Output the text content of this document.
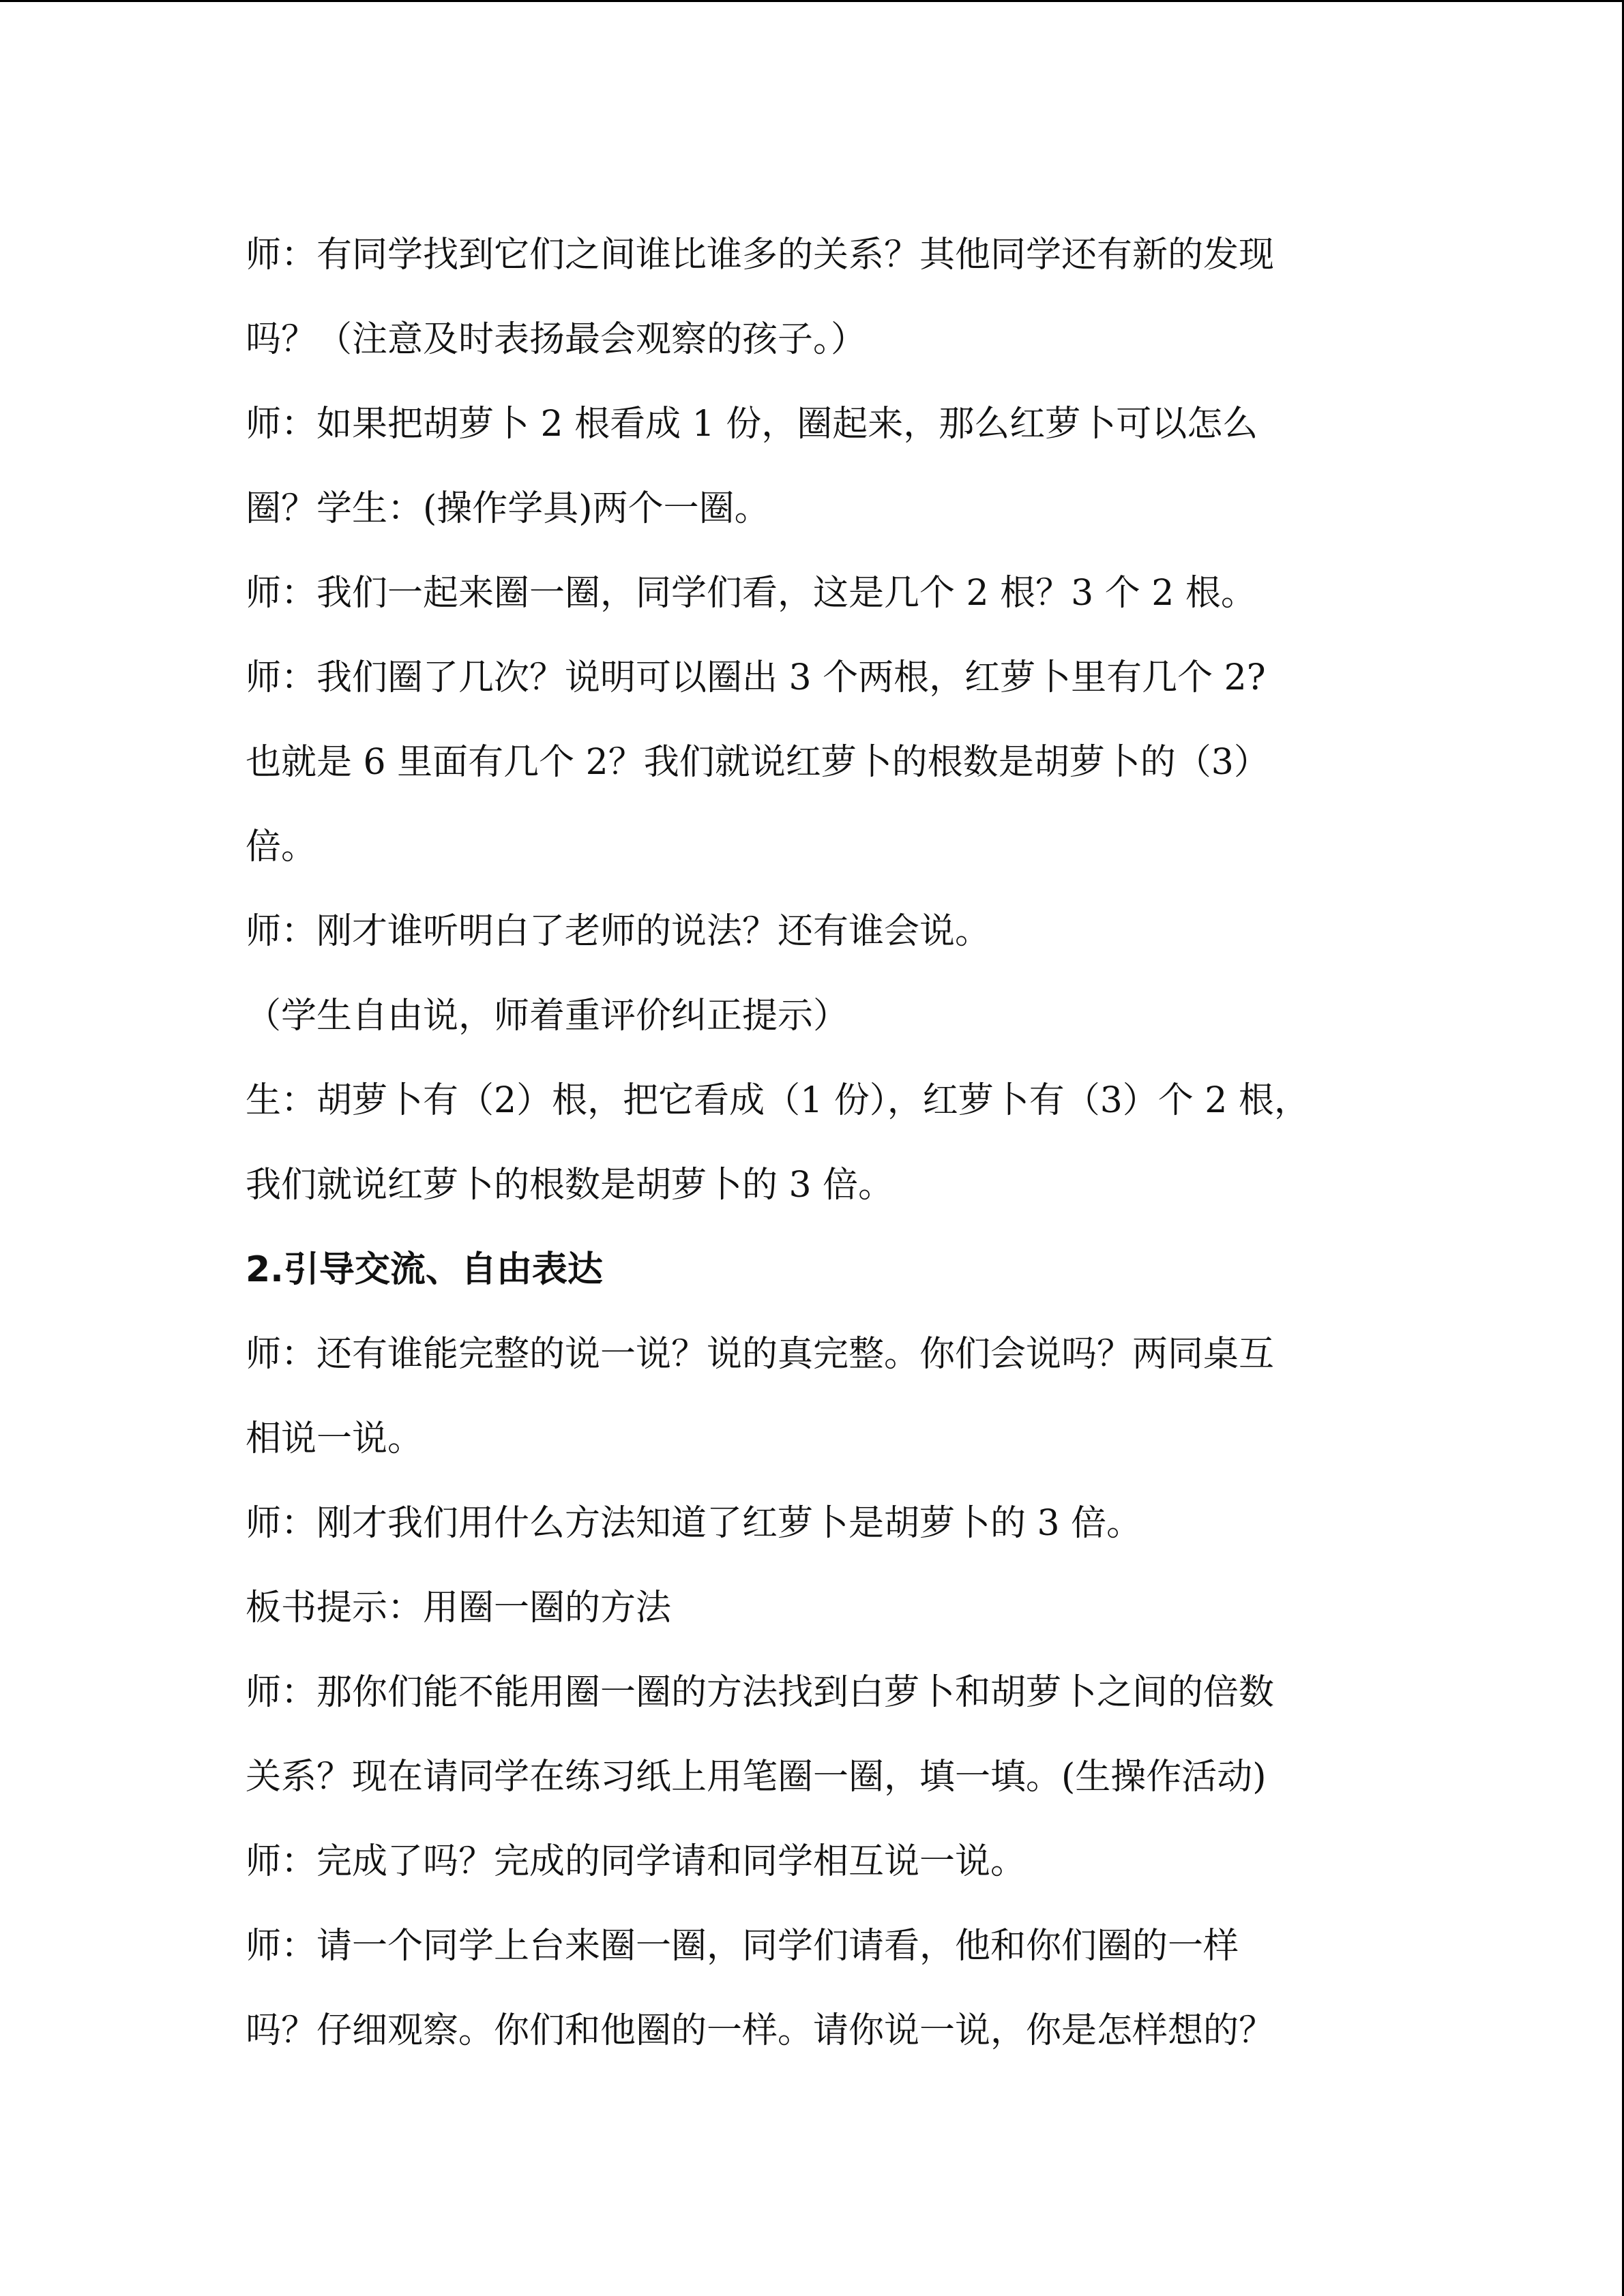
师：有同学找到它们之间谁比谁多的关系？其他同学还有新的发现
吗？（注意及时表扬最会观察的孩子。）
师：如果把胡萝卜 2 根看成 1 份，圈起来，那么红萝卜可以怎么
圈？学生：(操作学具)两个一圈。
师：我们一起来圈一圈，同学们看，这是几个 2 根？3 个 2 根。
师：我们圈了几次？说明可以圈出 3 个两根，红萝卜里有几个 2?
也就是 6 里面有几个 2？我们就说红萝卜的根数是胡萝卜的（3）
倍。
师：刚才谁听明白了老师的说法？还有谁会说。
（学生自由说，师着重评价纠正提示）
生：胡萝卜有（2）根，把它看成（1 份），红萝卜有（3）个 2 根，
我们就说红萝卜的根数是胡萝卜的 3 倍。
2.引导交流、自由表达
师：还有谁能完整的说一说？说的真完整。你们会说吗？两同桌互
相说一说。
师：刚才我们用什么方法知道了红萝卜是胡萝卜的 3 倍。
板书提示：用圈一圈的方法
师：那你们能不能用圈一圈的方法找到白萝卜和胡萝卜之间的倍数
关系？现在请同学在练习纸上用笔圈一圈，填一填。(生操作活动)
师：完成了吗？完成的同学请和同学相互说一说。
师：请一个同学上台来圈一圈，同学们请看，他和你们圈的一样
吗？仔细观察。你们和他圈的一样。请你说一说，你是怎样想的？
